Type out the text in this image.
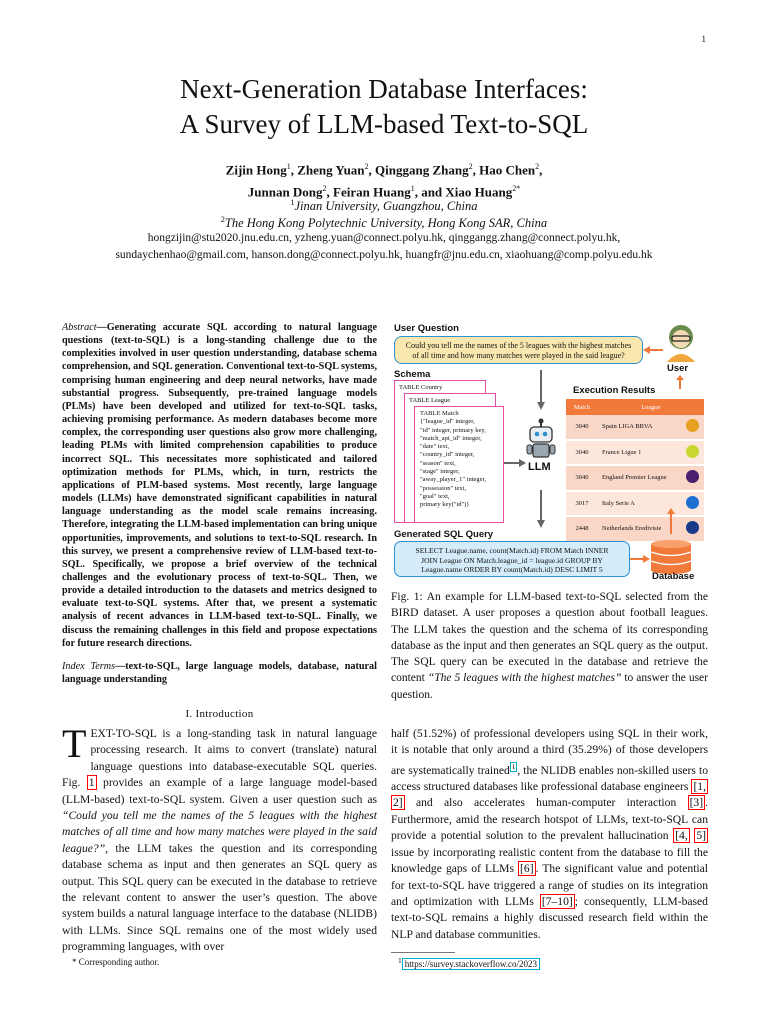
1
Next-Generation Database Interfaces:
A Survey of LLM-based Text-to-SQL
Zijin Hong$^1$, Zheng Yuan$^2$, Qinggang Zhang$^2$, Hao Chen$^2$,
Junnan Dong$^2$, Feiran Huang$^1$, and Xiao Huang$^{2*}$
$^1$Jinan University, Guangzhou, China
$^2$The Hong Kong Polytechnic University, Hong Kong SAR, China
hongzijin@stu2020.jnu.edu.cn, yzheng.yuan@connect.polyu.hk, qinggangg.zhang@connect.polyu.hk,
sundaychenhao@gmail.com, hanson.dong@connect.polyu.hk, huangfr@jnu.edu.cn, xiaohuang@comp.polyu.edu.hk
Abstract—Generating accurate SQL according to natural language questions (text-to-SQL) is a long-standing challenge due to the complexities involved in user question understanding, database schema comprehension, and SQL generation. Conventional text-to-SQL systems, comprising human engineering and deep neural networks, have made substantial progress. Subsequently, pre-trained language models (PLMs) have been developed and utilized for text-to-SQL tasks, achieving promising performance. As modern databases become more complex, the corresponding user questions also grow more challenging, leading PLMs with limited comprehension capabilities to produce incorrect SQL. This necessitates more sophisticated and tailored optimization methods for PLMs, which, in turn, restricts the applications of PLM-based systems. Most recently, large language models (LLMs) have demonstrated significant capabilities in natural language understanding as the model scale remains increasing. Therefore, integrating the LLM-based implementation can bring unique opportunities, improvements, and solutions to text-to-SQL research. In this survey, we present a comprehensive review of LLM-based text-to-SQL. Specifically, we propose a brief overview of the technical challenges and the evolutionary process of text-to-SQL. Then, we provide a detailed introduction to the datasets and metrics designed to evaluate text-to-SQL systems. After that, we present a systematic analysis of recent advances in LLM-based text-to-SQL. Finally, we discuss the remaining challenges in this field and propose expectations for future research directions.
Index Terms—text-to-SQL, large language models, database, natural language understanding
I. Introduction
TEXT-TO-SQL is a long-standing task in natural language processing research. It aims to convert (translate) natural language questions into database-executable SQL queries. Fig. 1 provides an example of a large language model-based (LLM-based) text-to-SQL system. Given a user question such as “Could you tell me the names of the 5 leagues with the highest matches of all time and how many matches were played in the said league?”, the LLM takes the question and its corresponding database schema as input and then generates an SQL query as output. This SQL query can be executed in the database to retrieve the relevant content to answer the user’s question. The above system builds a natural language interface to the database (NLIDB) with LLMs. Since SQL remains one of the most widely used programming languages, with over
User Question
Could you tell me the names of the 5 leagues with the highest matches
of all time and how many matches were played in the said league?
User
Schema
TABLE Country
TABLE League
TABLE Match
{"league_id" integer,
"id" integer, primary key,
"match_api_id" integer,
"date" text,
"country_id" integer,
"season" text,
"stage" integer,
"away_player_1" integer,
"possession" text,
"goal" text,
primary key("id")}
LLM
Execution Results
Match	League	
3040	Spain LIGA BBVA	
3040	France Ligue 1	
3040	England Premier League	
3017	Italy Serie A	
2448	Netherlands Eredivisie	
Generated SQL Query
SELECT League.name, count(Match.id) FROM Match INNER
JOIN League ON Match.league_id = league.id GROUP BY
League.name ORDER BY count(Match.id) DESC LIMIT 5
Database
Fig. 1: An example for LLM-based text-to-SQL selected from the BIRD dataset. A user proposes a question about football leagues. The LLM takes the question and the schema of its corresponding database as the input and then generates an SQL query as the output. The SQL query can be executed in the database and retrieve the content “The 5 leagues with the highest matches” to answer the user question.
half (51.52%) of professional developers using SQL in their work, it is notable that only around a third (35.29%) of those developers are systematically trained $^1$ , the NLIDB enables non-skilled users to access structured databases like professional database engineers [1, 2] and also accelerates human-computer interaction [3] . Furthermore, amid the research hotspot of LLMs, text-to-SQL can provide a potential solution to the prevalent hallucination [4, 5] issue by incorporating realistic content from the database to fill the knowledge gaps of LLMs [6] . The significant value and potential for text-to-SQL have triggered a range of studies on its integration and optimization with LLMs [7–10] ; consequently, LLM-based text-to-SQL remains a highly discussed research field within the NLP and database communities.
* Corresponding author.	$^1$ https://survey.stackoverflow.co/2023
